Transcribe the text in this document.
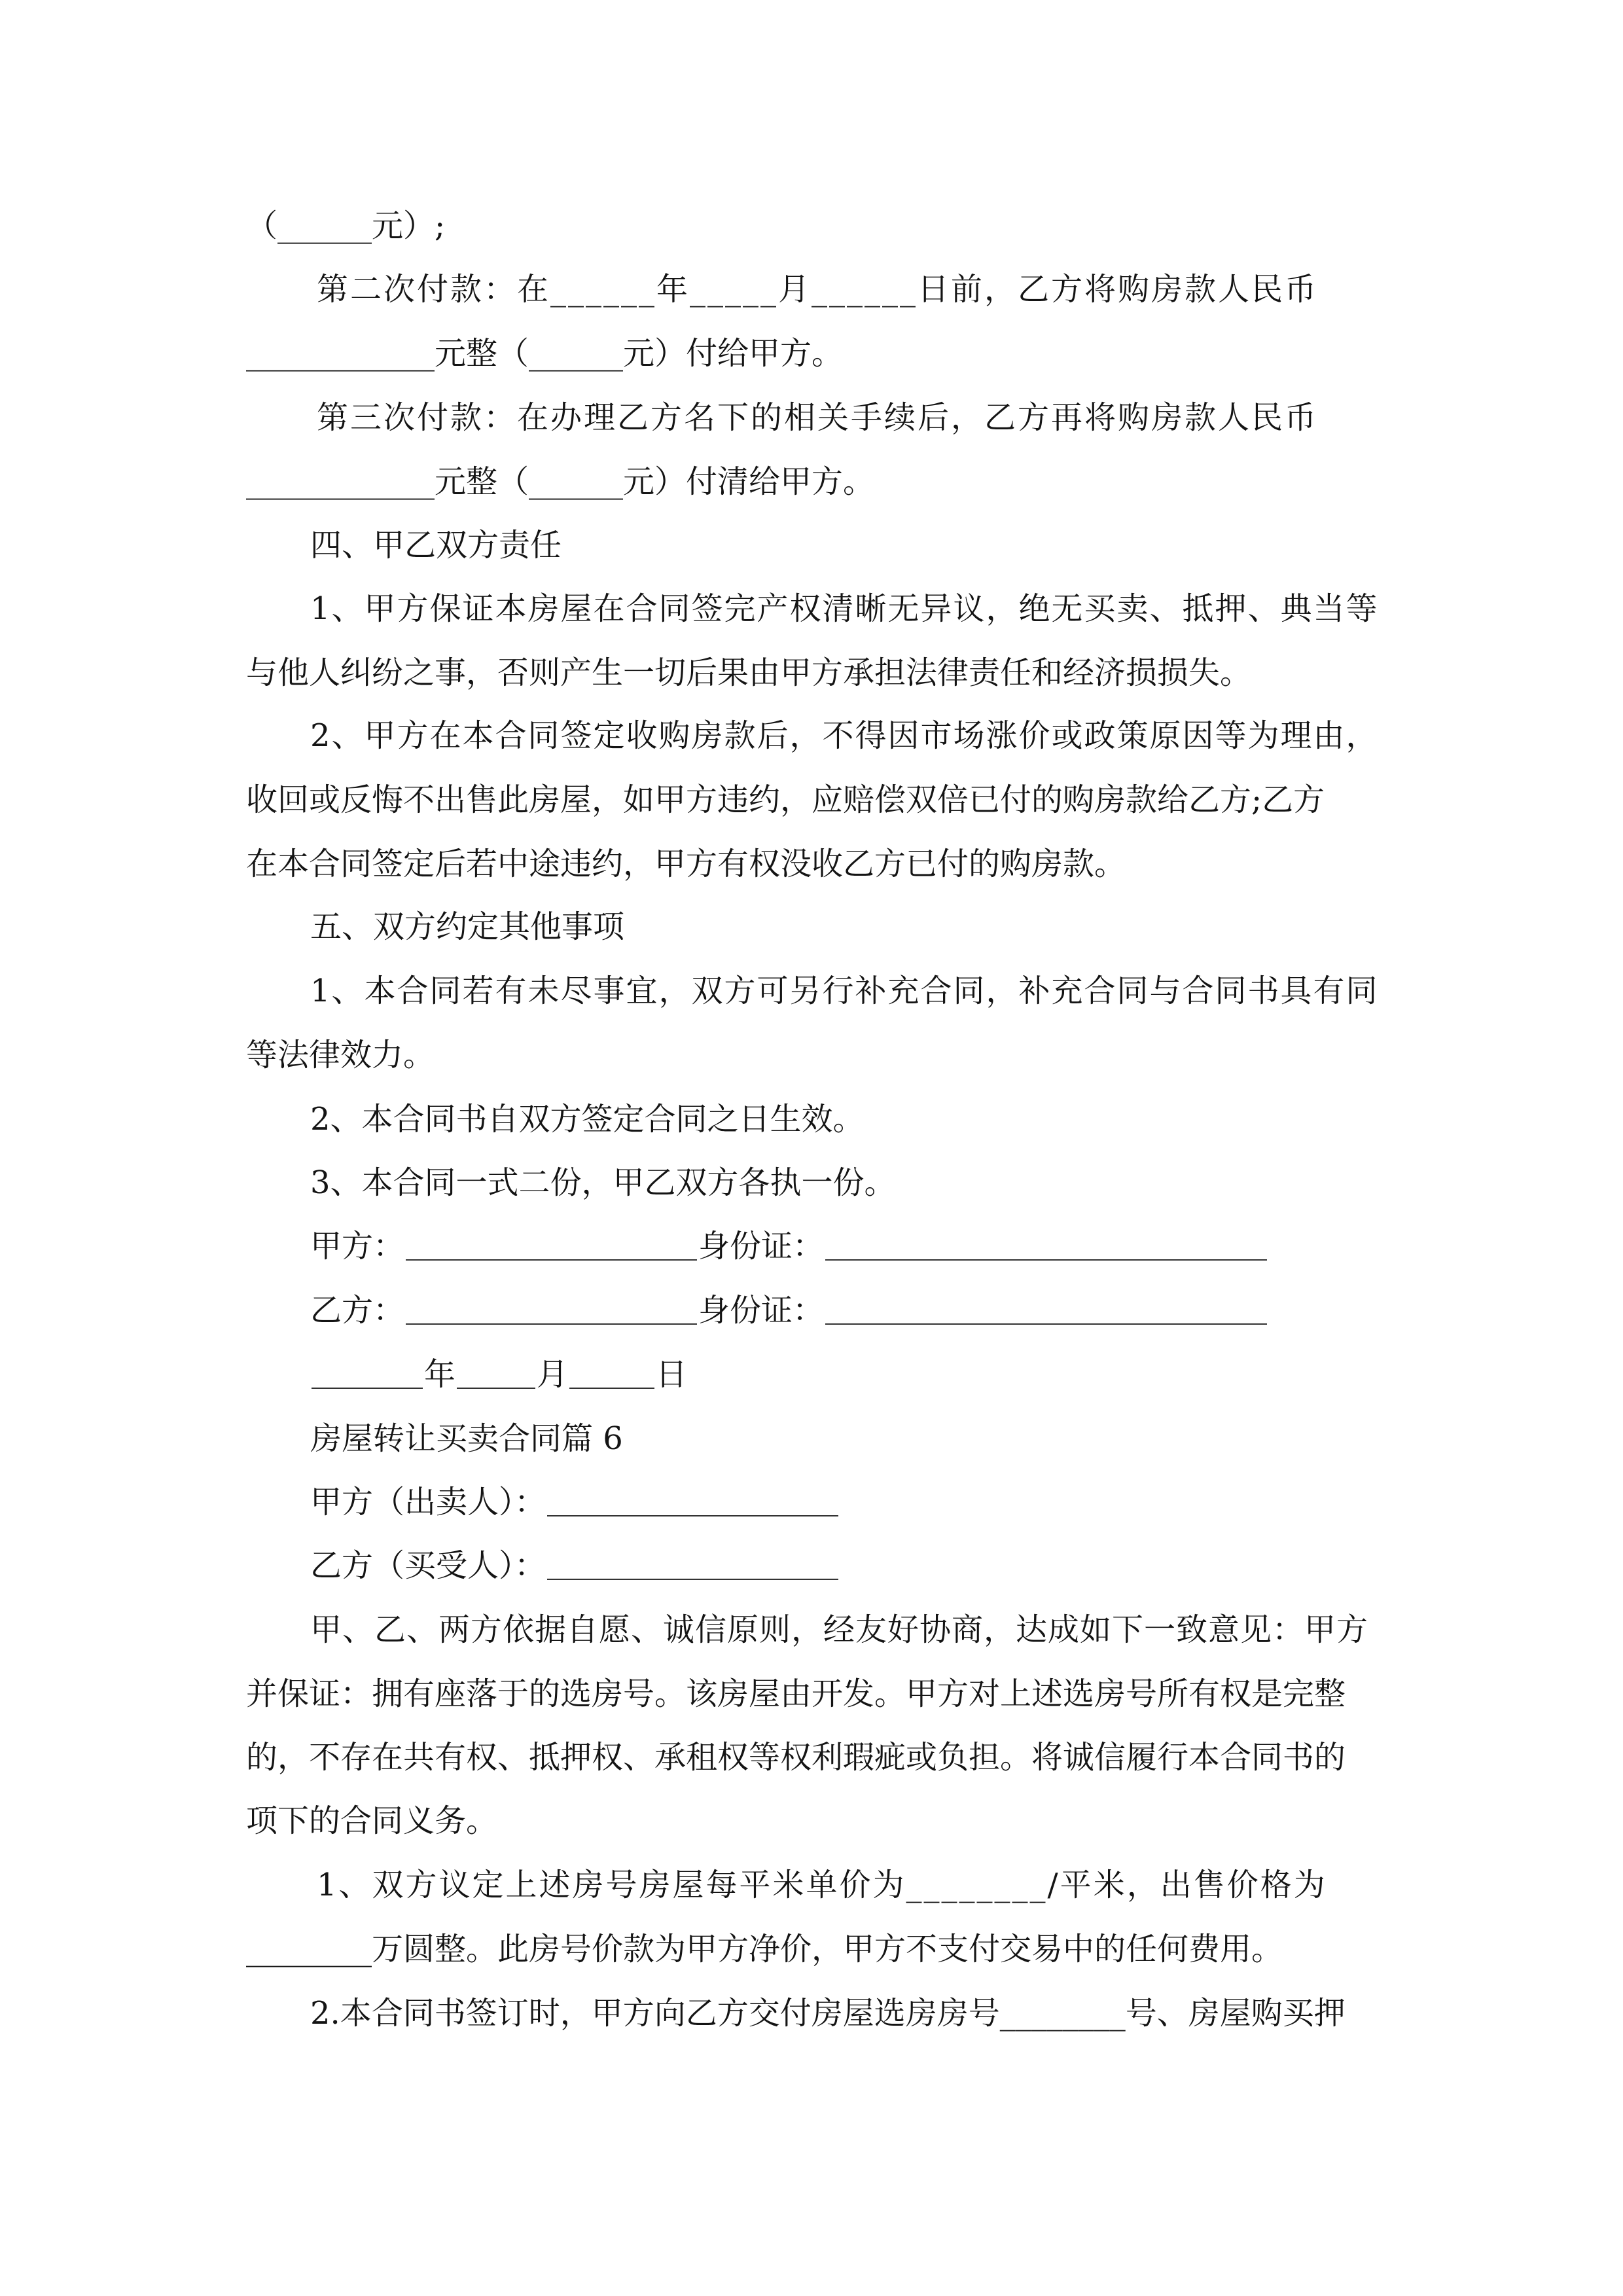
（______元）;

第二次付款：在______年_____月______日前，乙方将购房款人民币

____________元整（______元）付给甲方。

第三次付款：在办理乙方名下的相关手续后，乙方再将购房款人民币

____________元整（______元）付清给甲方。

四、甲乙双方责任

1、甲方保证本房屋在合同签完产权清晰无异议，绝无买卖、抵押、典当等

与他人纠纷之事，否则产生一切后果由甲方承担法律责任和经济损损失。

2、甲方在本合同签定收购房款后，不得因市场涨价或政策原因等为理由，

收回或反悔不出售此房屋，如甲方违约，应赔偿双倍已付的购房款给乙方;乙方

在本合同签定后若中途违约，甲方有权没收乙方已付的购房款。

五、双方约定其他事项

1、本合同若有未尽事宜，双方可另行补充合同，补充合同与合同书具有同

等法律效力。

2、本合同书自双方签定合同之日生效。

3、本合同一式二份，甲乙双方各执一份。

甲方：	身份证：
乙方：	身份证：
年	月	日

房屋转让买卖合同篇 6

甲方（出卖人）：
乙方（买受人）：

甲、乙、两方依据自愿、诚信原则，经友好协商，达成如下一致意见：甲方

并保证：拥有座落于的选房号。该房屋由开发。甲方对上述选房号所有权是完整

的，不存在共有权、抵押权、承租权等权利瑕疵或负担。将诚信履行本合同书的

项下的合同义务。

1、双方议定上述房号房屋每平米单价为________/平米，出售价格为

________万圆整。此房号价款为甲方净价，甲方不支付交易中的任何费用。

2.本合同书签订时，甲方向乙方交付房屋选房房号________号、房屋购买押
